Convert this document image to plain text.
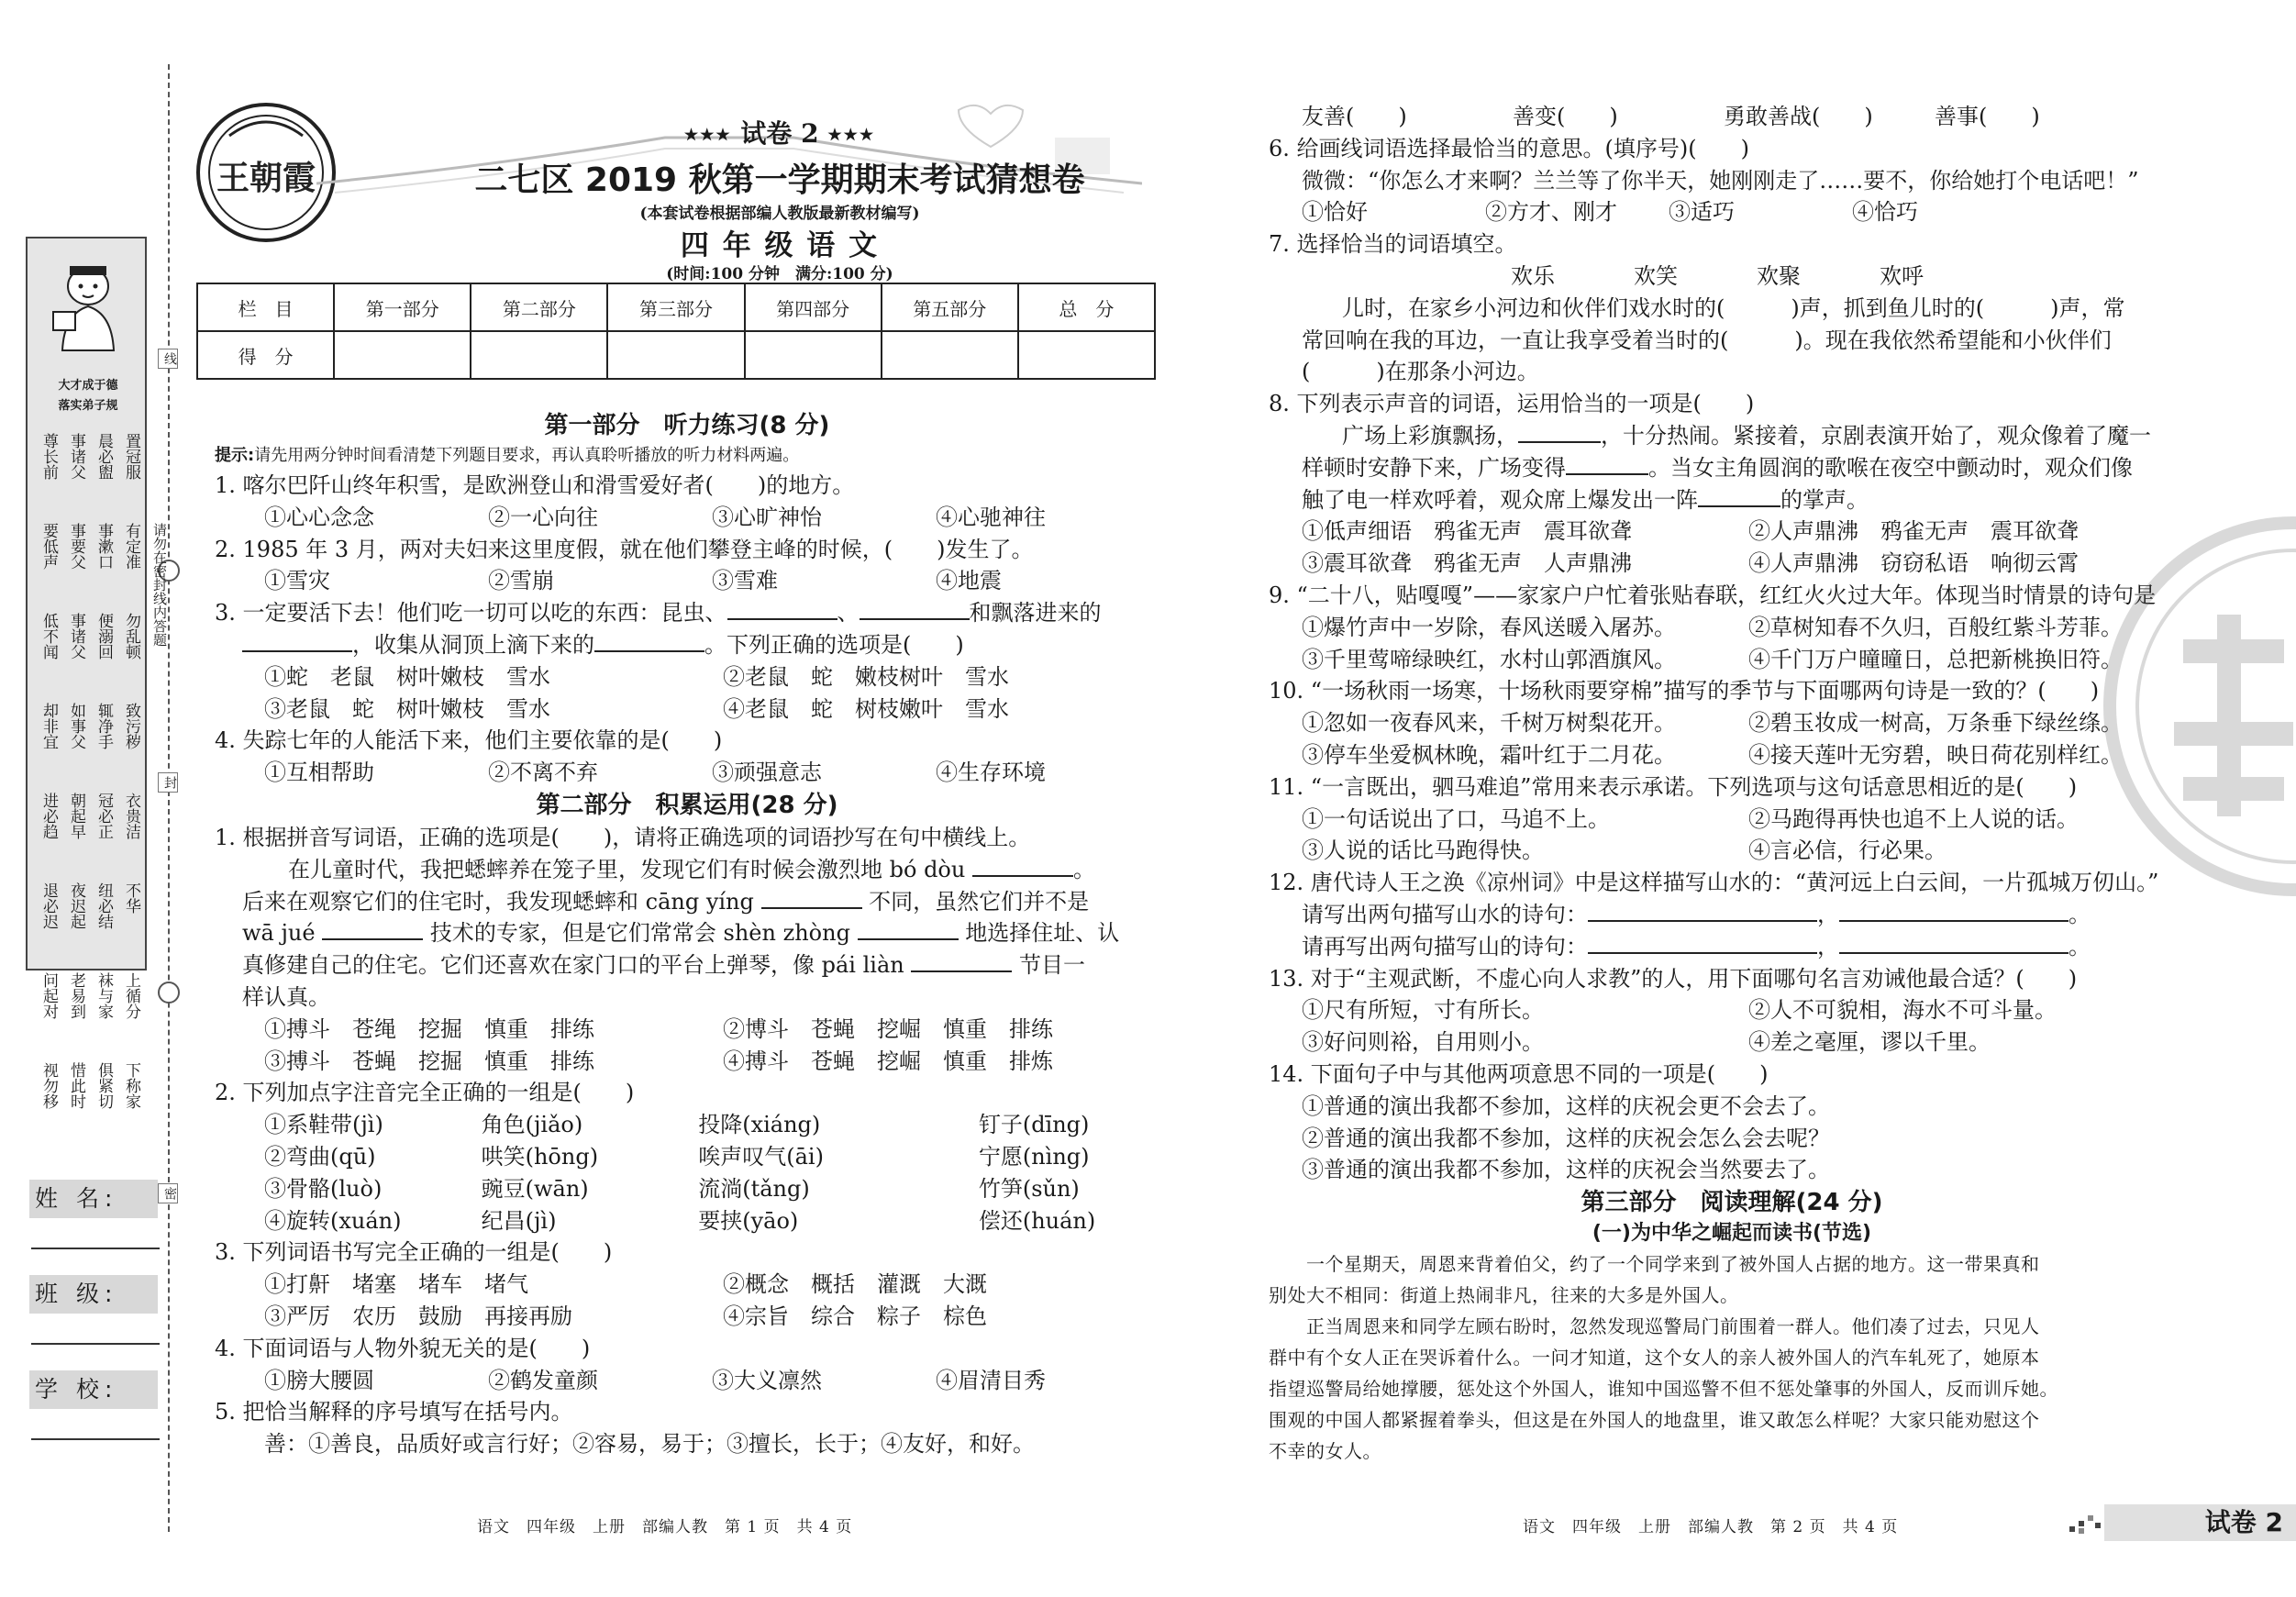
大才成于德
落实弟子规
置冠服
晨必盥
事诸父
尊长前
有定准
事漱口
事要父
要低声
勿乱顿
便溺回
事诸父
低不闻
致污秽
辄净手
如事父
却非宜
衣贵洁
冠必正
朝起早
进必趋
不华
纽必结
夜迟起
退必迟
上循分
袜与家
老易到
问起对
下称家
俱紧切
惜此时
视勿移
姓 名:
班 级:
学 校:
线
封
密
请勿在密封线内答题
王朝霞
★★★ 试卷 2 ★★★
二七区 2019 秋第一学期期末考试猜想卷
(本套试卷根据部编人教版最新教材编写)
四 年 级 语 文
(时间:100 分钟　满分:100 分)
栏　目	第一部分	第二部分	第三部分	第四部分	第五部分	总　分
得　分						
第一部分　听力练习(8 分)
提示:请先用两分钟时间看清楚下列题目要求，再认真聆听播放的听力材料两遍。
1. 喀尔巴阡山终年积雪，是欧洲登山和滑雪爱好者(　　)的地方。
①心心念念	②一心向往	③心旷神怡	④心驰神往
2. 1985 年 3 月，两对夫妇来这里度假，就在他们攀登主峰的时候，(　　)发生了。
①雪灾	②雪崩	③雪难	④地震
3. 一定要活下去！他们吃一切可以吃的东西：昆虫、	、	和飘落进来的
，收集从洞顶上滴下来的	。下列正确的选项是(　　)
①蛇　老鼠　树叶嫩枝　雪水	②老鼠　蛇　嫩枝树叶　雪水
③老鼠　蛇　树叶嫩枝　雪水	④老鼠　蛇　树枝嫩叶　雪水
4. 失踪七年的人能活下来，他们主要依靠的是(　　)
①互相帮助	②不离不弃	③顽强意志	④生存环境
第二部分　积累运用(28 分)
1. 根据拼音写词语，正确的选项是(　　)，请将正确选项的词语抄写在句中横线上。
在儿童时代，我把蟋蟀养在笼子里，发现它们有时候会激烈地 bó dòu	。
后来在观察它们的住宅时，我发现蟋蟀和 cāng yíng	不同，虽然它们并不是
wā jué	技术的专家，但是它们常常会 shèn zhòng	地选择住址、认
真修建自己的住宅。它们还喜欢在家门口的平台上弹琴，像 pái liàn	节目一
样认真。
①搏斗　苍绳　挖掘　慎重　排练	②博斗　苍蝇　挖崛　慎重　排练
③搏斗　苍蝇　挖掘　慎重　排练	④搏斗　苍蝇　挖崛　慎重　排炼
2. 下列加点字注音完全正确的一组是(　　)
①系鞋带(jì)	角色(jiǎo)	投降(xiáng)	钉子(dīng)
②弯曲(qū)	哄笑(hōng)	唉声叹气(āi)	宁愿(nìng)
③骨骼(luò)	豌豆(wān)	流淌(tǎng)	竹笋(sǔn)
④旋转(xuán)	纪昌(jì)	要挟(yāo)	偿还(huán)
3. 下列词语书写完全正确的一组是(　　)
①打鼾　堵塞　堵车　堵气	②概念　概括　灌溉　大溉
③严厉　农历　鼓励　再接再励	④宗旨　综合　粽子　棕色
4. 下面词语与人物外貌无关的是(　　)
①膀大腰圆	②鹤发童颜	③大义凛然	④眉清目秀
5. 把恰当解释的序号填写在括号内。
善：①善良，品质好或言行好；②容易，易于；③擅长，长于；④友好，和好。
友善(　　)	善变(　　)	勇敢善战(　　)	善事(　　)
6. 给画线词语选择最恰当的意思。(填序号)(　　)
微微：“你怎么才来啊？兰兰等了你半天，她刚刚走了……要不，你给她打个电话吧！”
①恰好	②方才、刚才	③适巧	④恰巧
7. 选择恰当的词语填空。
欢乐	欢笑	欢聚	欢呼
儿时，在家乡小河边和伙伴们戏水时的(　　　)声，抓到鱼儿时的(　　　)声，常
常回响在我的耳边，一直让我享受着当时的(　　　)。现在我依然希望能和小伙伴们
(　　　)在那条小河边。
8. 下列表示声音的词语，运用恰当的一项是(　　)
广场上彩旗飘扬，	，十分热闹。紧接着，京剧表演开始了，观众像着了魔一
样顿时安静下来，广场变得	。当女主角圆润的歌喉在夜空中颤动时，观众们像
触了电一样欢呼着，观众席上爆发出一阵	的掌声。
①低声细语　鸦雀无声　震耳欲聋	②人声鼎沸　鸦雀无声　震耳欲聋
③震耳欲聋　鸦雀无声　人声鼎沸	④人声鼎沸　窃窃私语　响彻云霄
9. “二十八，贴嘎嘎”——家家户户忙着张贴春联，红红火火过大年。体现当时情景的诗句是
①爆竹声中一岁除，春风送暖入屠苏。	②草树知春不久归，百般红紫斗芳菲。
③千里莺啼绿映红，水村山郭酒旗风。	④千门万户曈曈日，总把新桃换旧符。
10. “一场秋雨一场寒，十场秋雨要穿棉”描写的季节与下面哪两句诗是一致的？(　　)
①忽如一夜春风来，千树万树梨花开。	②碧玉妆成一树高，万条垂下绿丝绦。
③停车坐爱枫林晚，霜叶红于二月花。	④接天莲叶无穷碧，映日荷花别样红。
11. “一言既出，驷马难追”常用来表示承诺。下列选项与这句话意思相近的是(　　)
①一句话说出了口，马追不上。	②马跑得再快也追不上人说的话。
③人说的话比马跑得快。	④言必信，行必果。
12. 唐代诗人王之涣《凉州词》中是这样描写山水的：“黄河远上白云间，一片孤城万仞山。”
请写出两句描写山水的诗句：	，	。
请再写出两句描写山的诗句：	，	。
13. 对于“主观武断，不虚心向人求教”的人，用下面哪句名言劝诫他最合适？(　　)
①尺有所短，寸有所长。	②人不可貌相，海水不可斗量。
③好问则裕，自用则小。	④差之毫厘，谬以千里。
14. 下面句子中与其他两项意思不同的一项是(　　)
①普通的演出我都不参加，这样的庆祝会更不会去了。
②普通的演出我都不参加，这样的庆祝会怎么会去呢？
③普通的演出我都不参加，这样的庆祝会当然要去了。
第三部分　阅读理解(24 分)
(一)为中华之崛起而读书(节选)
　　一个星期天，周恩来背着伯父，约了一个同学来到了被外国人占据的地方。这一带果真和
别处大不相同：街道上热闹非凡，往来的大多是外国人。
　　正当周恩来和同学左顾右盼时，忽然发现巡警局门前围着一群人。他们凑了过去，只见人
群中有个女人正在哭诉着什么。一问才知道，这个女人的亲人被外国人的汽车轧死了，她原本
指望巡警局给她撑腰，惩处这个外国人，谁知中国巡警不但不惩处肇事的外国人，反而训斥她。
围观的中国人都紧握着拳头，但这是在外国人的地盘里，谁又敢怎么样呢？大家只能劝慰这个
不幸的女人。
语文　四年级　上册　部编人教　第 1 页　共 4 页	语文　四年级　上册　部编人教　第 2 页　共 4 页	试卷 2
